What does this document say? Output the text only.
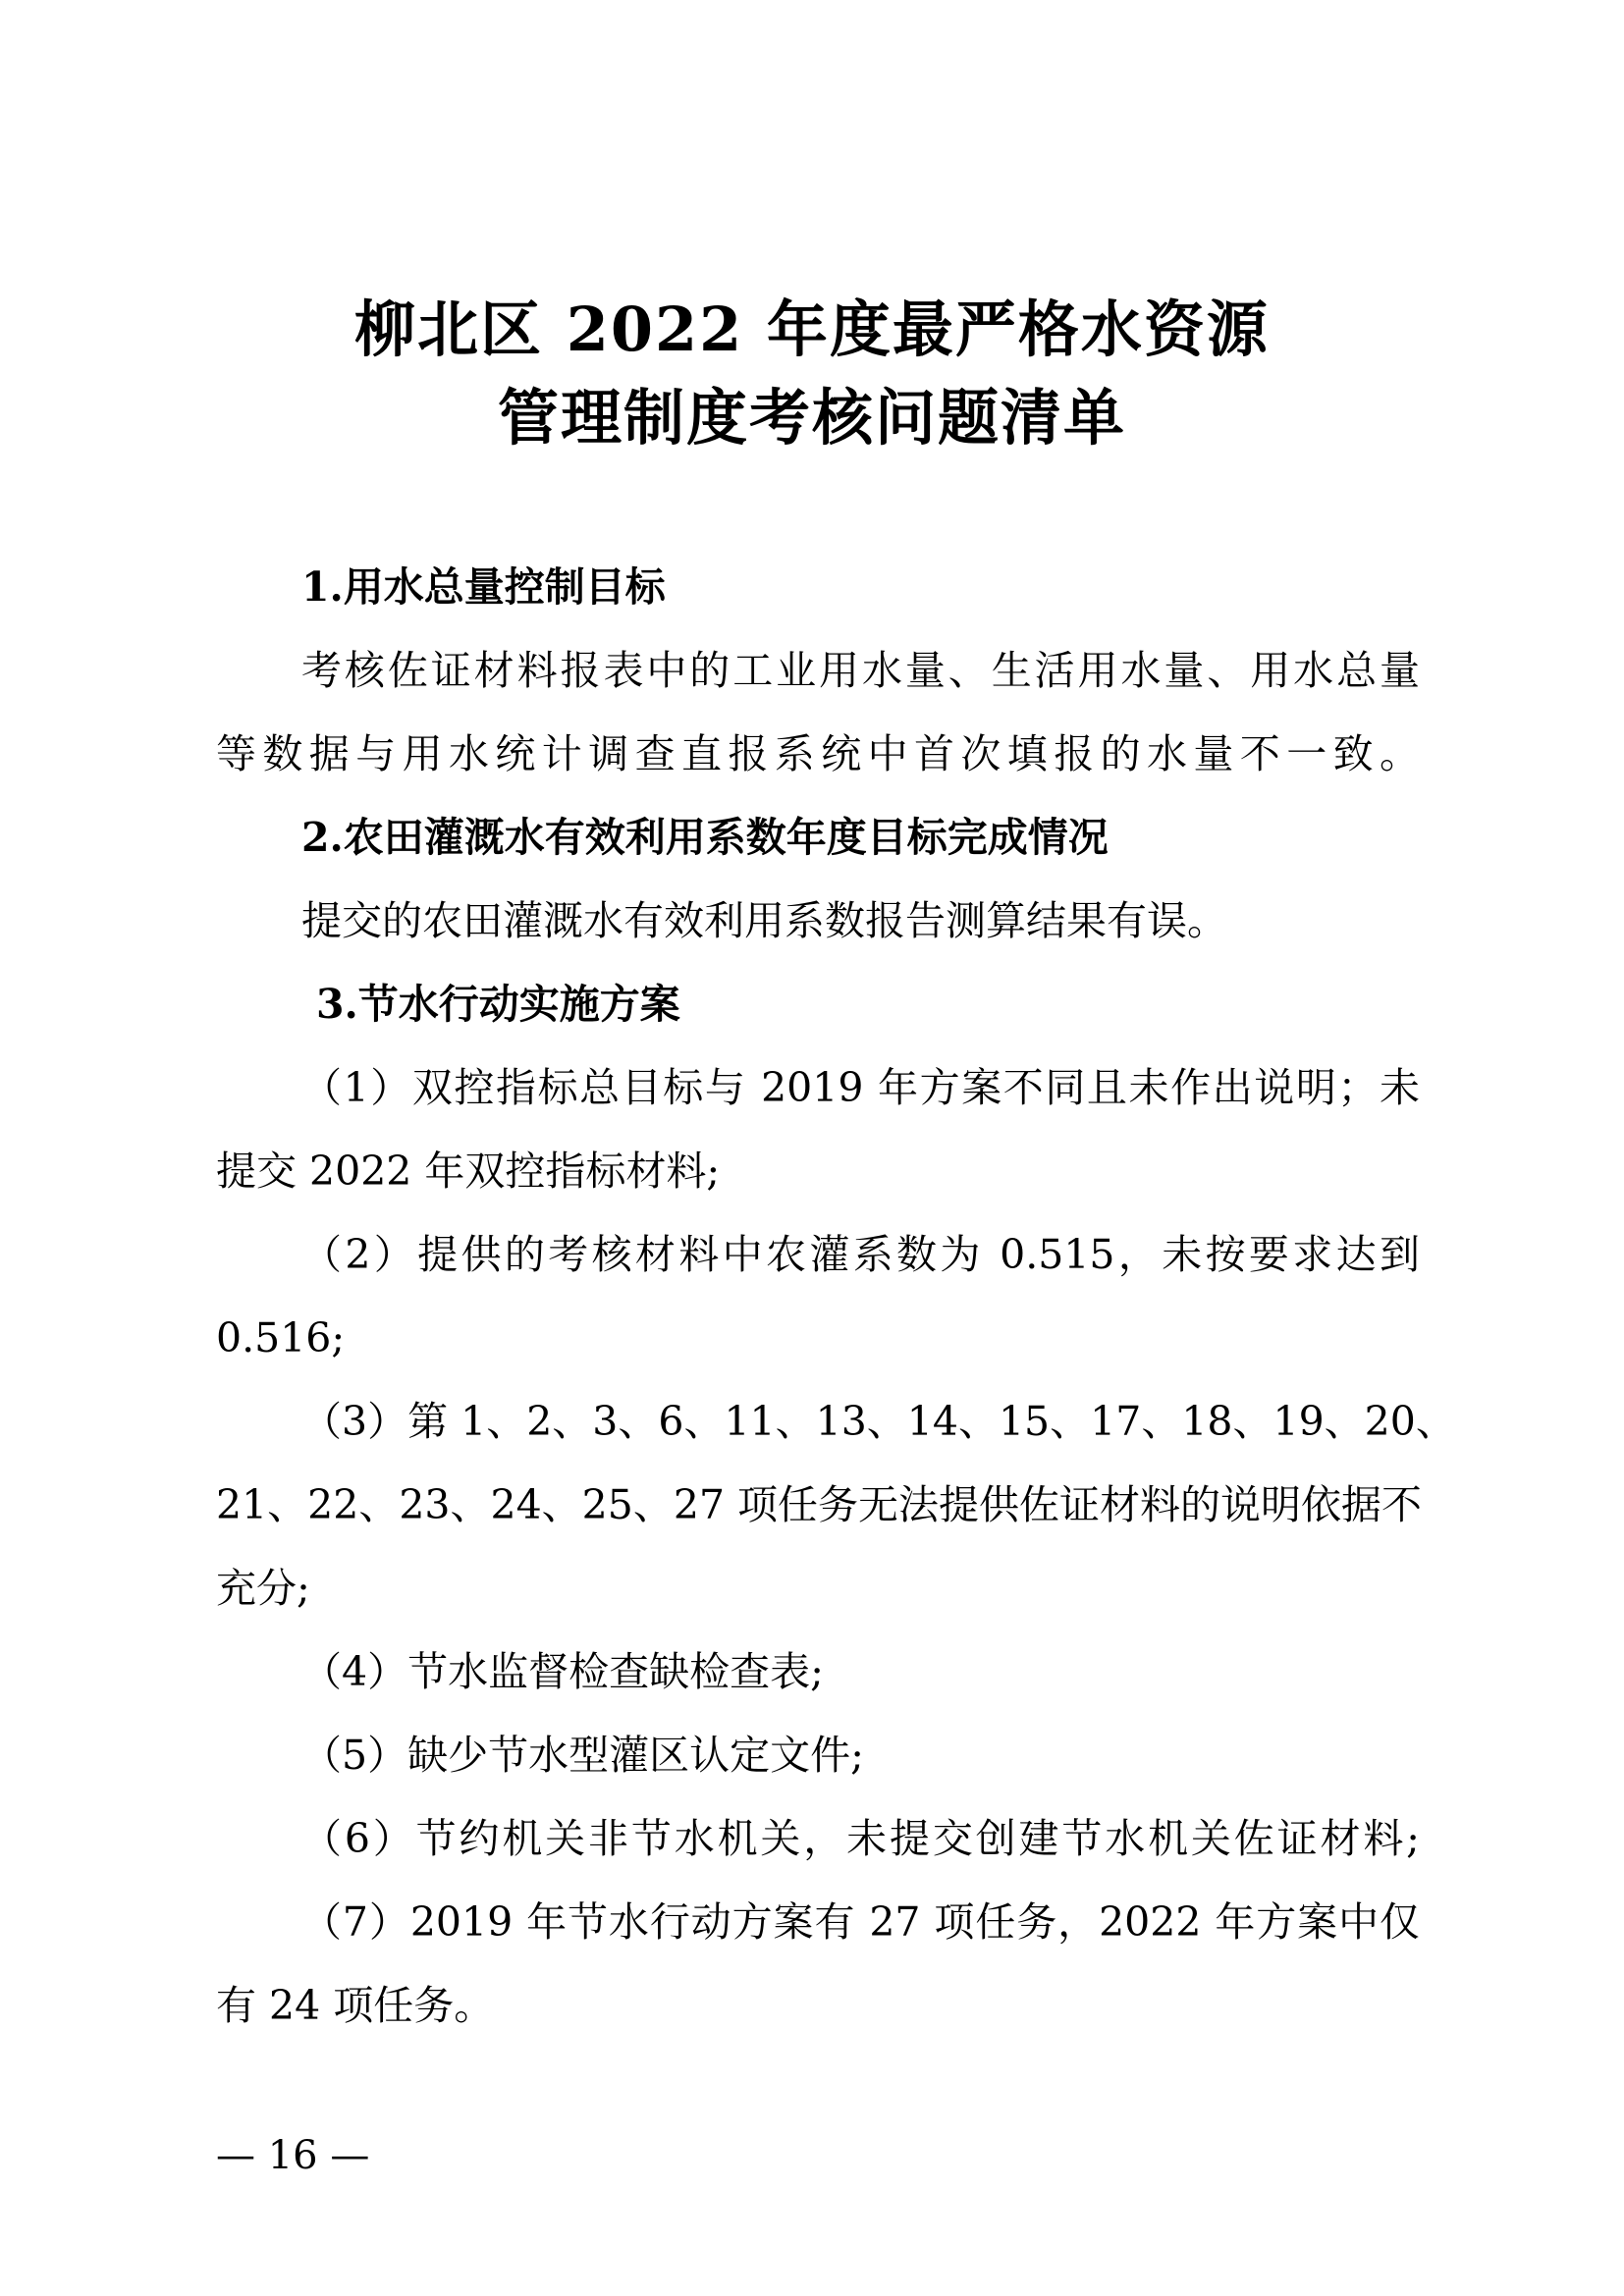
柳北区 2022 年度最严格水资源
管理制度考核问题清单
1.用水总量控制目标
考核佐证材料报表中的工业用水量、生活用水量、用水总量
等数据与用水统计调查直报系统中首次填报的水量不一致。
2.农田灌溉水有效利用系数年度目标完成情况
提交的农田灌溉水有效利用系数报告测算结果有误。
3.节水行动实施方案
（1）双控指标总目标与 2019 年方案不同且未作出说明；未
提交 2022 年双控指标材料;
（2）提供的考核材料中农灌系数为 0.515，未按要求达到
0.516;
（3）第 1、2、3、6、11、13、14、15、17、18、19、20、
21、22、23、24、25、27 项任务无法提供佐证材料的说明依据不
充分;
（4）节水监督检查缺检查表;
（5）缺少节水型灌区认定文件;
（6）节约机关非节水机关，未提交创建节水机关佐证材料;
（7）2019 年节水行动方案有 27 项任务，2022 年方案中仅
有 24 项任务。
— 16 —
